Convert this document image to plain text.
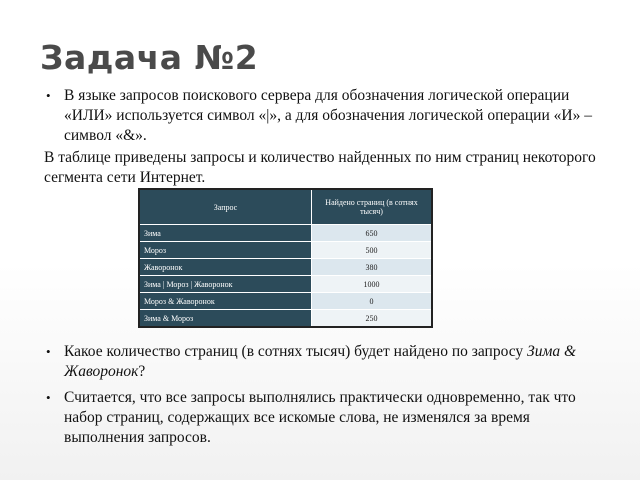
Задача №2
• В языке запросов поискового сервера для обозначения логической операции «ИЛИ» используется символ «|», а для обозначения логической операции «И» – символ «&».
В таблице приведены запросы и количество найденных по ним страниц некоторого сегмента сети Интернет.
Запрос	Найдено страниц (в сотнях тысяч)
Зима	650
Мороз	500
Жаворонок	380
Зима | Мороз | Жаворонок	1000
Мороз & Жаворонок	0
Зима & Мороз	250
• Какое количество страниц (в сотнях тысяч) будет найдено по запросу Зима & Жаворонок?
• Считается, что все запросы выполнялись практически одновременно, так что набор страниц, содержащих все искомые слова, не изменялся за время выполнения запросов.
